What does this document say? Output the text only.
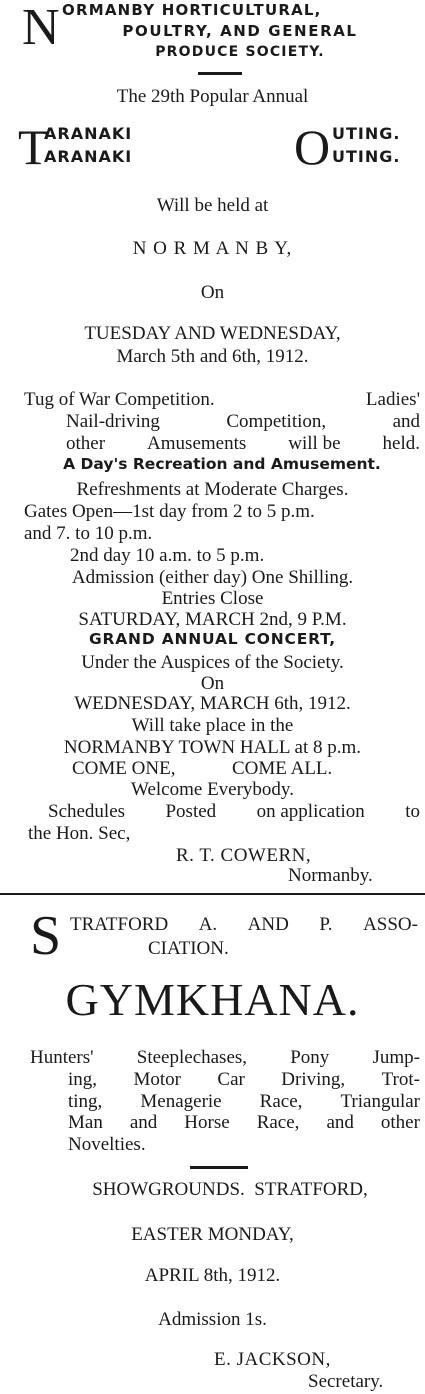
N ORMANBY HORTICULTURAL,
POULTRY, AND GENERAL
PRODUCE SOCIETY.
The 29th Popular Annual
T
ARANAKI
ARANAKI	O UTING.
UTING.
Will be held at
N O R M A N B Y,
On
TUESDAY AND WEDNESDAY,
March 5th and 6th, 1912.
Tug of War Competition.	Ladies'
Nail-driving	Competition,	and
other Amusements will be held.
A Day's Recreation and Amusement.
Refreshments at Moderate Charges.
Gates Open—1st day from 2 to 5 p.m.
and 7. to 10 p.m.
2nd day 10 a.m. to 5 p.m.
Admission (either day) One Shilling.
Entries Close
SATURDAY, MARCH 2nd, 9 P.M.
GRAND ANNUAL CONCERT,
Under the Auspices of the Society.
On
WEDNESDAY, MARCH 6th, 1912.
Will take place in the
NORMANBY TOWN HALL at 8 p.m.
COME ONE,	COME ALL.
Welcome Everybody.
Schedules Posted on application to
the Hon. Sec,
R. T. COWERN,
Normanby.
S TRATFORD A. AND P. ASSO-
CIATION.
GYMKHANA.
Hunters' Steeplechases, Pony Jump-
ing, Motor Car Driving, Trot-
ting, Menagerie Race, Triangular
Man and Horse Race, and other
Novelties.
SHOWGROUNDS.  STRATFORD,
EASTER MONDAY,
APRIL 8th, 1912.
Admission 1s.
E. JACKSON,
Secretary.
